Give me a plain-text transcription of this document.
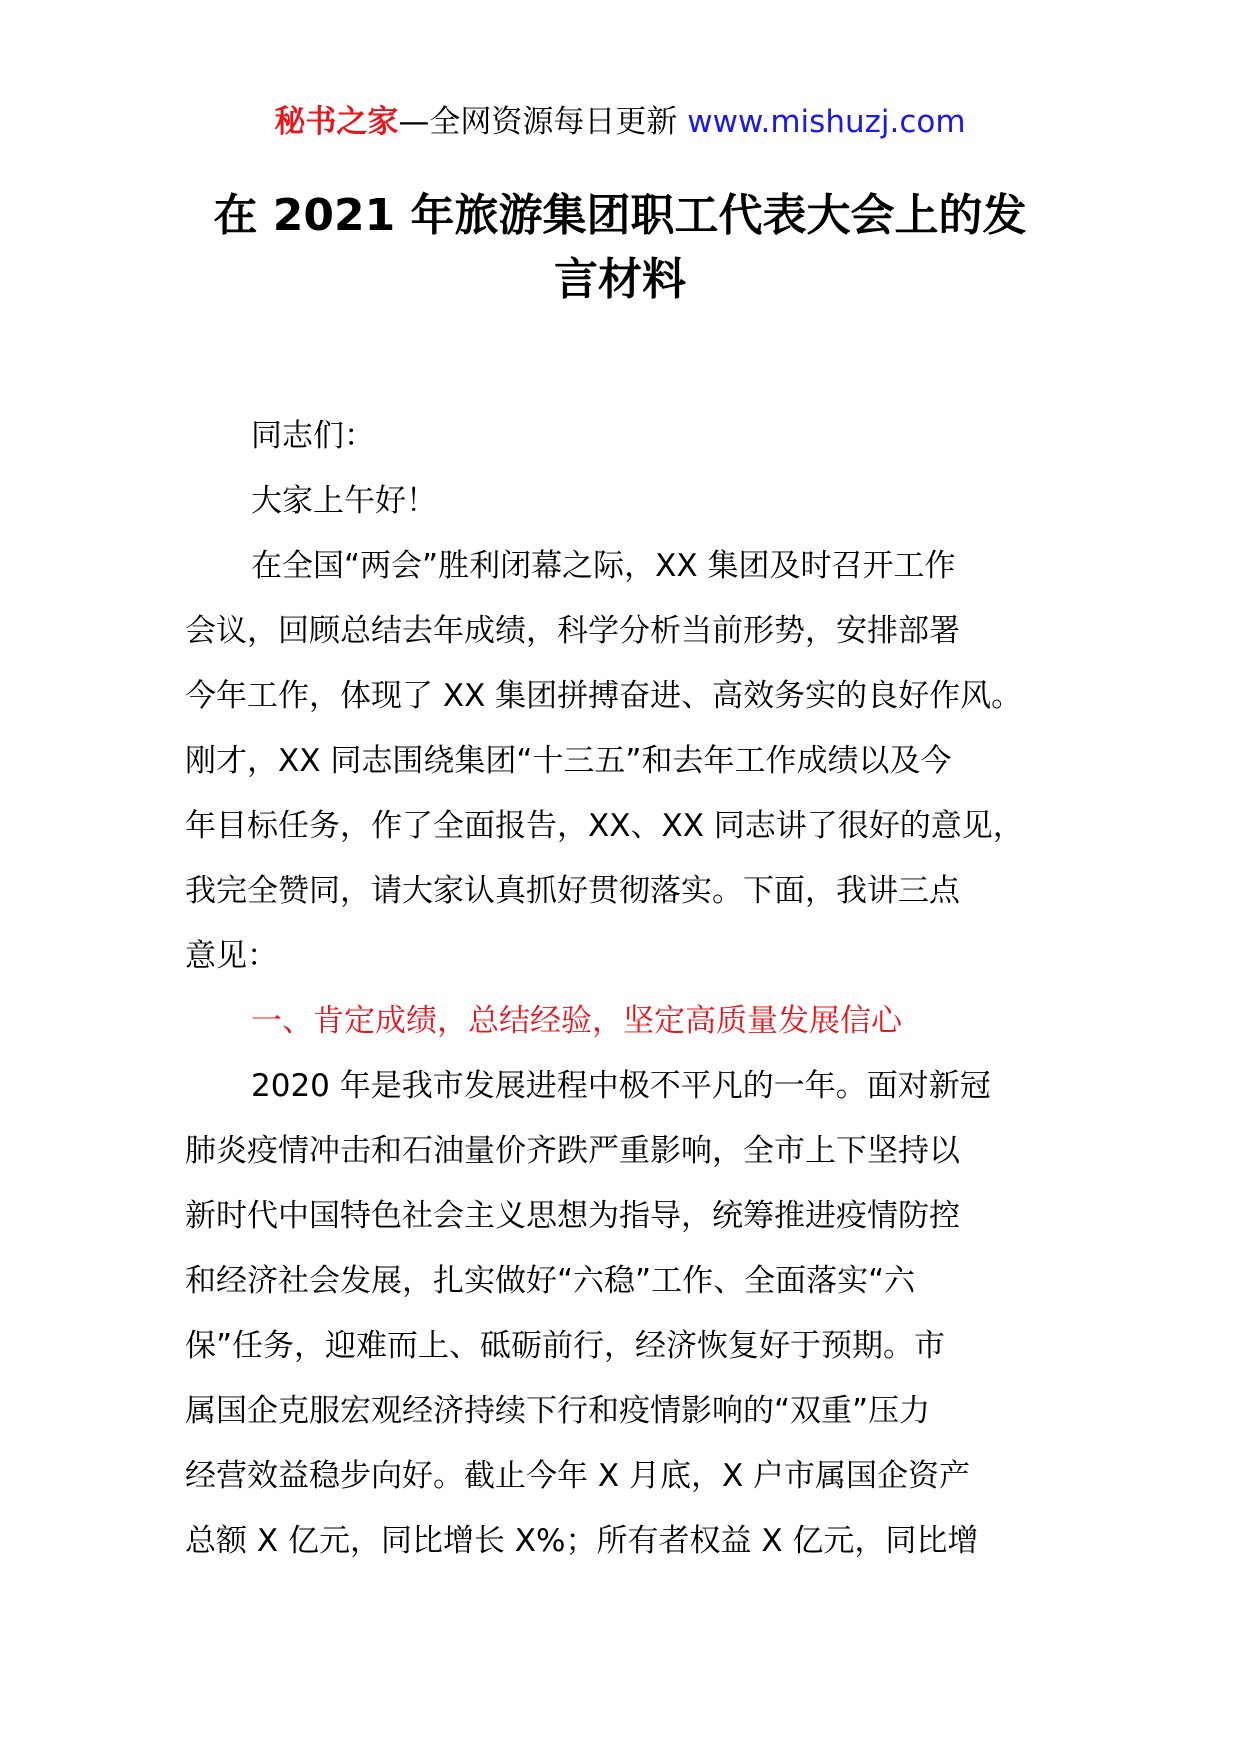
秘书之家—全网资源每日更新 www.mishuzj.com
在 2021 年旅游集团职工代表大会上的发
言材料

同志们：

大家上午好！

在全国“两会”胜利闭幕之际，XX 集团及时召开工作
会议，回顾总结去年成绩，科学分析当前形势，安排部署
今年工作，体现了 XX 集团拼搏奋进、高效务实的良好作风。
刚才，XX 同志围绕集团“十三五”和去年工作成绩以及今
年目标任务，作了全面报告，XX、XX 同志讲了很好的意见，
我完全赞同，请大家认真抓好贯彻落实。下面，我讲三点
意见：

一、肯定成绩，总结经验，坚定高质量发展信心

2020 年是我市发展进程中极不平凡的一年。面对新冠
肺炎疫情冲击和石油量价齐跌严重影响，全市上下坚持以
新时代中国特色社会主义思想为指导，统筹推进疫情防控
和经济社会发展，扎实做好“六稳”工作、全面落实“六
保”任务，迎难而上、砥砺前行，经济恢复好于预期。市
属国企克服宏观经济持续下行和疫情影响的“双重”压力
经营效益稳步向好。截止今年 X 月底，X 户市属国企资产
总额 X 亿元，同比增长 X%；所有者权益 X 亿元，同比增
